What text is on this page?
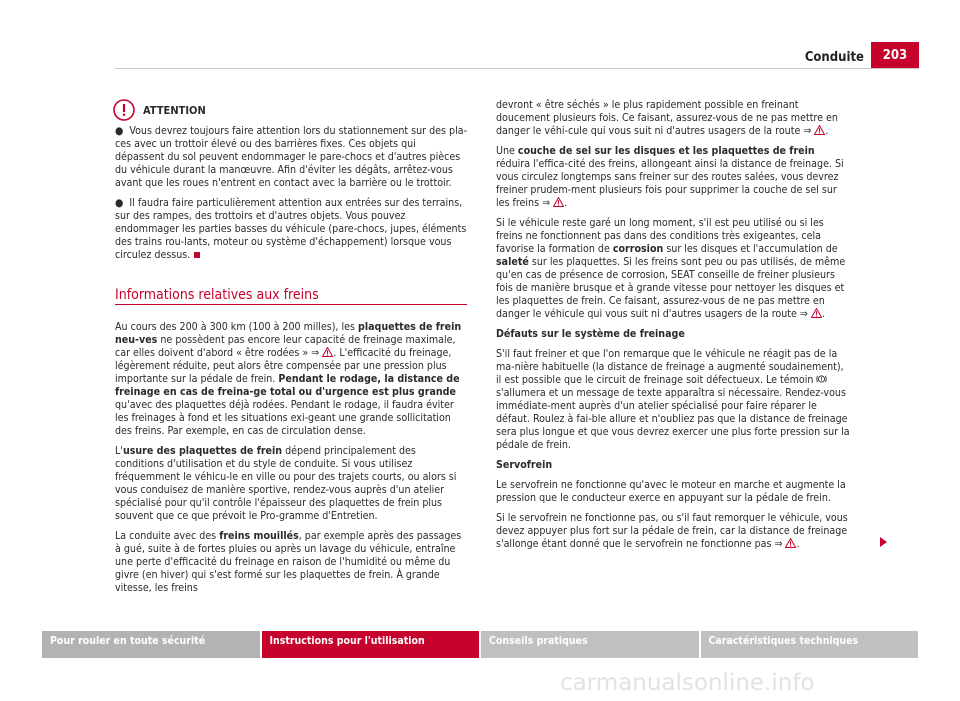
Conduite	203
ATTENTION

●  Vous devrez toujours faire attention lors du stationnement sur des pla-ces avec un trottoir élevé ou des barrières fixes. Ces objets qui dépassent du sol peuvent endommager le pare-chocs et d'autres pièces du véhicule durant la manœuvre. Afin d'éviter les dégâts, arrêtez-vous avant que les roues n'entrent en contact avec la barrière ou le trottoir.

●  Il faudra faire particulièrement attention aux entrées sur des terrains, sur des rampes, des trottoirs et d'autres objets. Vous pouvez endommager les parties basses du véhicule (pare-chocs, jupes, éléments des trains rou-lants, moteur ou système d'échappement) lorsque vous circulez dessus.

Au cours des 200 à 300 km (100 à 200 milles), les plaquettes de frein neu-ves ne possèdent pas encore leur capacité de freinage maximale, car elles doivent d'abord « être rodées » ⇒ . L'efficacité du freinage, légèrement réduite, peut alors être compensée par une pression plus importante sur la pédale de frein. Pendant le rodage, la distance de freinage en cas de freina-ge total ou d'urgence est plus grande qu'avec des plaquettes déjà rodées. Pendant le rodage, il faudra éviter les freinages à fond et les situations exi-geant une grande sollicitation des freins. Par exemple, en cas de circulation dense.

L'usure des plaquettes de frein dépend principalement des conditions d'utilisation et du style de conduite. Si vous utilisez fréquemment le véhicu-le en ville ou pour des trajets courts, ou alors si vous conduisez de manière sportive, rendez-vous auprès d'un atelier spécialisé pour qu'il contrôle l'épaisseur des plaquettes de frein plus souvent que ce que prévoit le Pro-gramme d'Entretien.

La conduite avec des freins mouillés, par exemple après des passages à gué, suite à de fortes pluies ou après un lavage du véhicule, entraîne une perte d'efficacité du freinage en raison de l'humidité ou même du givre (en hiver) qui s'est formé sur les plaquettes de frein. À grande vitesse, les freins

Informations relatives aux freins

devront « être séchés » le plus rapidement possible en freinant doucement plusieurs fois. Ce faisant, assurez-vous de ne pas mettre en danger le véhi-cule qui vous suit ni d'autres usagers de la route ⇒ .

Une couche de sel sur les disques et les plaquettes de frein réduira l'effica-cité des freins, allongeant ainsi la distance de freinage. Si vous circulez longtemps sans freiner sur des routes salées, vous devrez freiner prudem-ment plusieurs fois pour supprimer la couche de sel sur les freins ⇒ .

Si le véhicule reste garé un long moment, s'il est peu utilisé ou si les freins ne fonctionnent pas dans des conditions très exigeantes, cela favorise la formation de corrosion sur les disques et l'accumulation de saleté sur les plaquettes. Si les freins sont peu ou pas utilisés, de même qu'en cas de présence de corrosion, SEAT conseille de freiner plusieurs fois de manière brusque et à grande vitesse pour nettoyer les disques et les plaquettes de frein. Ce faisant, assurez-vous de ne pas mettre en danger le véhicule qui vous suit ni d'autres usagers de la route ⇒ .

Défauts sur le système de freinage

S'il faut freiner et que l'on remarque que le véhicule ne réagit pas de la ma-nière habituelle (la distance de freinage a augmenté soudainement), il est possible que le circuit de freinage soit défectueux. Le témoin  s'allumera et un message de texte apparaîtra si nécessaire. Rendez-vous immédiate-ment auprès d'un atelier spécialisé pour faire réparer le défaut. Roulez à fai-ble allure et n'oubliez pas que la distance de freinage sera plus longue et que vous devrez exercer une plus forte pression sur la pédale de frein.

Servofrein

Le servofrein ne fonctionne qu'avec le moteur en marche et augmente la pression que le conducteur exerce en appuyant sur la pédale de frein.

Si le servofrein ne fonctionne pas, ou s'il faut remorquer le véhicule, vous devez appuyer plus fort sur la pédale de frein, car la distance de freinage s'allonge étant donné que le servofrein ne fonctionne pas ⇒ .

Pour rouler en toute sécurité	Instructions pour l'utilisation	Conseils pratiques	Caractéristiques techniques
carmanualsonline.info
